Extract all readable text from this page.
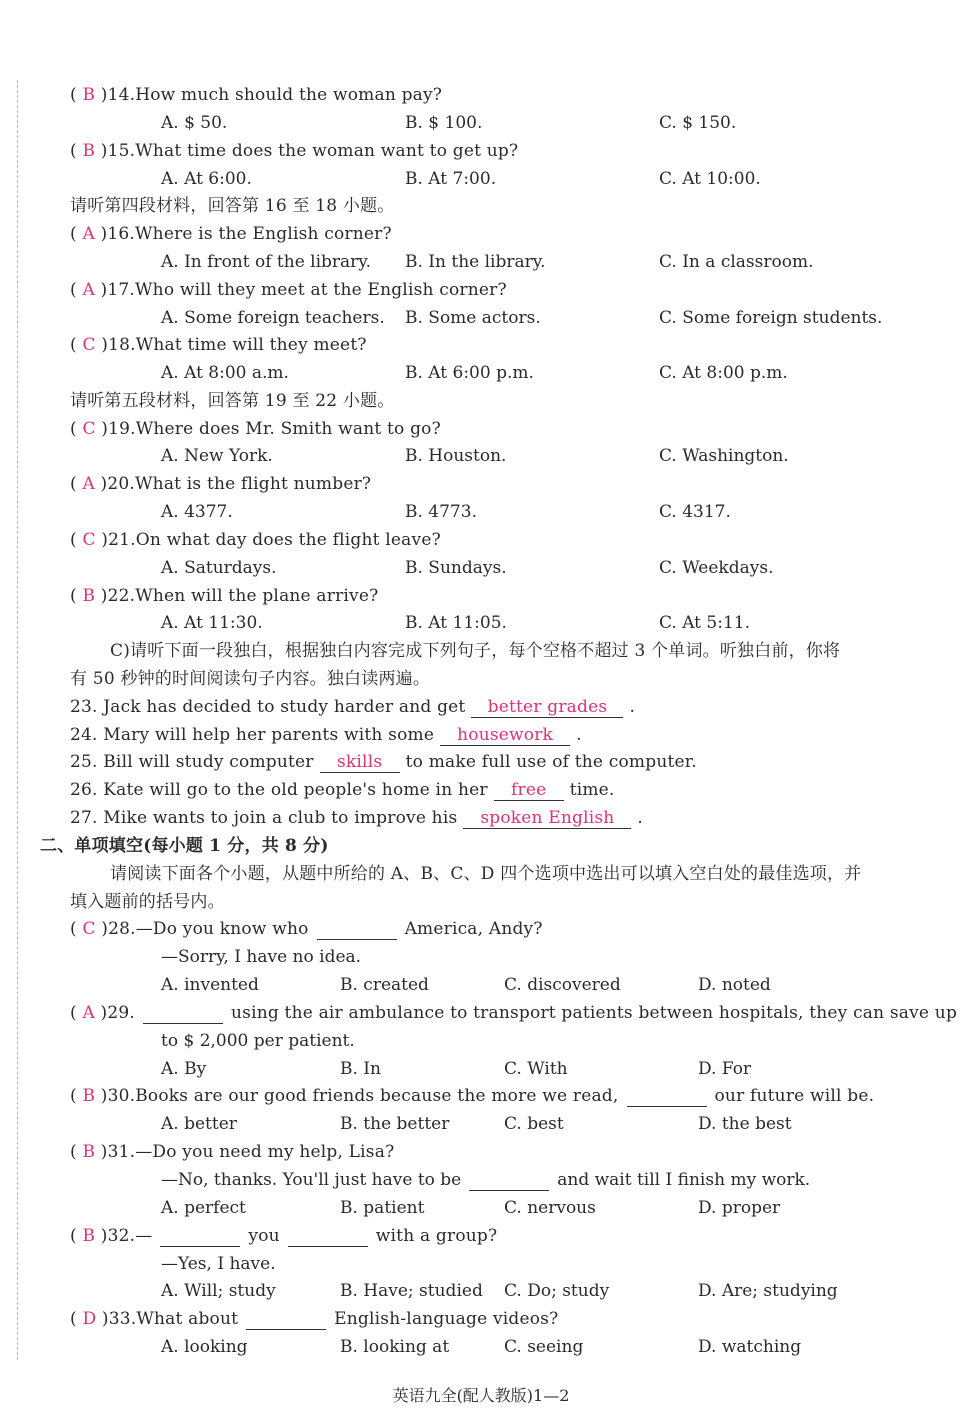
( B )14.How much should the woman pay?
A. $ 50.	B. $ 100.	C. $ 150.
( B )15.What time does the woman want to get up?
A. At 6:00.	B. At 7:00.	C. At 10:00.
( A )16.Where is the English corner?
A. In front of the library. B. In the library.	C. In a classroom.
( A )17.Who will they meet at the English corner?
A. Some foreign teachers. B. Some actors.	C. Some foreign students.
( C )18.What time will they meet?
A. At 8:00 a.m.	B. At 6:00 p.m.	C. At 8:00 p.m.
( C )19.Where does Mr. Smith want to go?
A. New York.	B. Houston.	C. Washington.
( A )20.What is the flight number?
A. 4377.	B. 4773.	C. 4317.
( C )21.On what day does the flight leave?
A. Saturdays.	B. Sundays.	C. Weekdays.
( B )22.When will the plane arrive?
A. At 11:30.	B. At 11:05.	C. At 5:11.
请听第四段材料，回答第 16 至 18 小题。
请听第五段材料，回答第 19 至 22 小题。
C)请听下面一段独白，根据独白内容完成下列句子，每个空格不超过 3 个单词。听独白前，你将
有 50 秒钟的时间阅读句子内容。独白读两遍。
23. Jack has decided to study harder and get better grades .
24. Mary will help her parents with some housework .
25. Bill will study computer skills to make full use of the computer.
26. Kate will go to the old people's home in her free time.
27. Mike wants to join a club to improve his spoken English .
二、单项填空(每小题 1 分，共 8 分)
请阅读下面各个小题，从题中所给的 A、B、C、D 四个选项中选出可以填入空白处的最佳选项，并
填入题前的括号内。
( C )28.—Do you know who	America, Andy?
—Sorry, I have no idea.
A. invented	B. created	C. discovered	D. noted
( A )29.	using the air ambulance to transport patients between hospitals, they can save up
to $ 2,000 per patient.
A. By	B. In	C. With	D. For
( B )30.Books are our good friends because the more we read,	our future will be.
A. better	B. the better	C. best	D. the best
( B )31.—Do you need my help, Lisa?
—No, thanks. You'll just have to be	and wait till I finish my work.
A. perfect	B. patient	C. nervous	D. proper
( B )32.—	you	with a group?
—Yes, I have.
A. Will; study	B. Have; studied C. Do; study	D. Are; studying
( D )33.What about	English-language videos?
A. looking	B. looking at	C. seeing	D. watching
英语九全(配人教版)1—2
